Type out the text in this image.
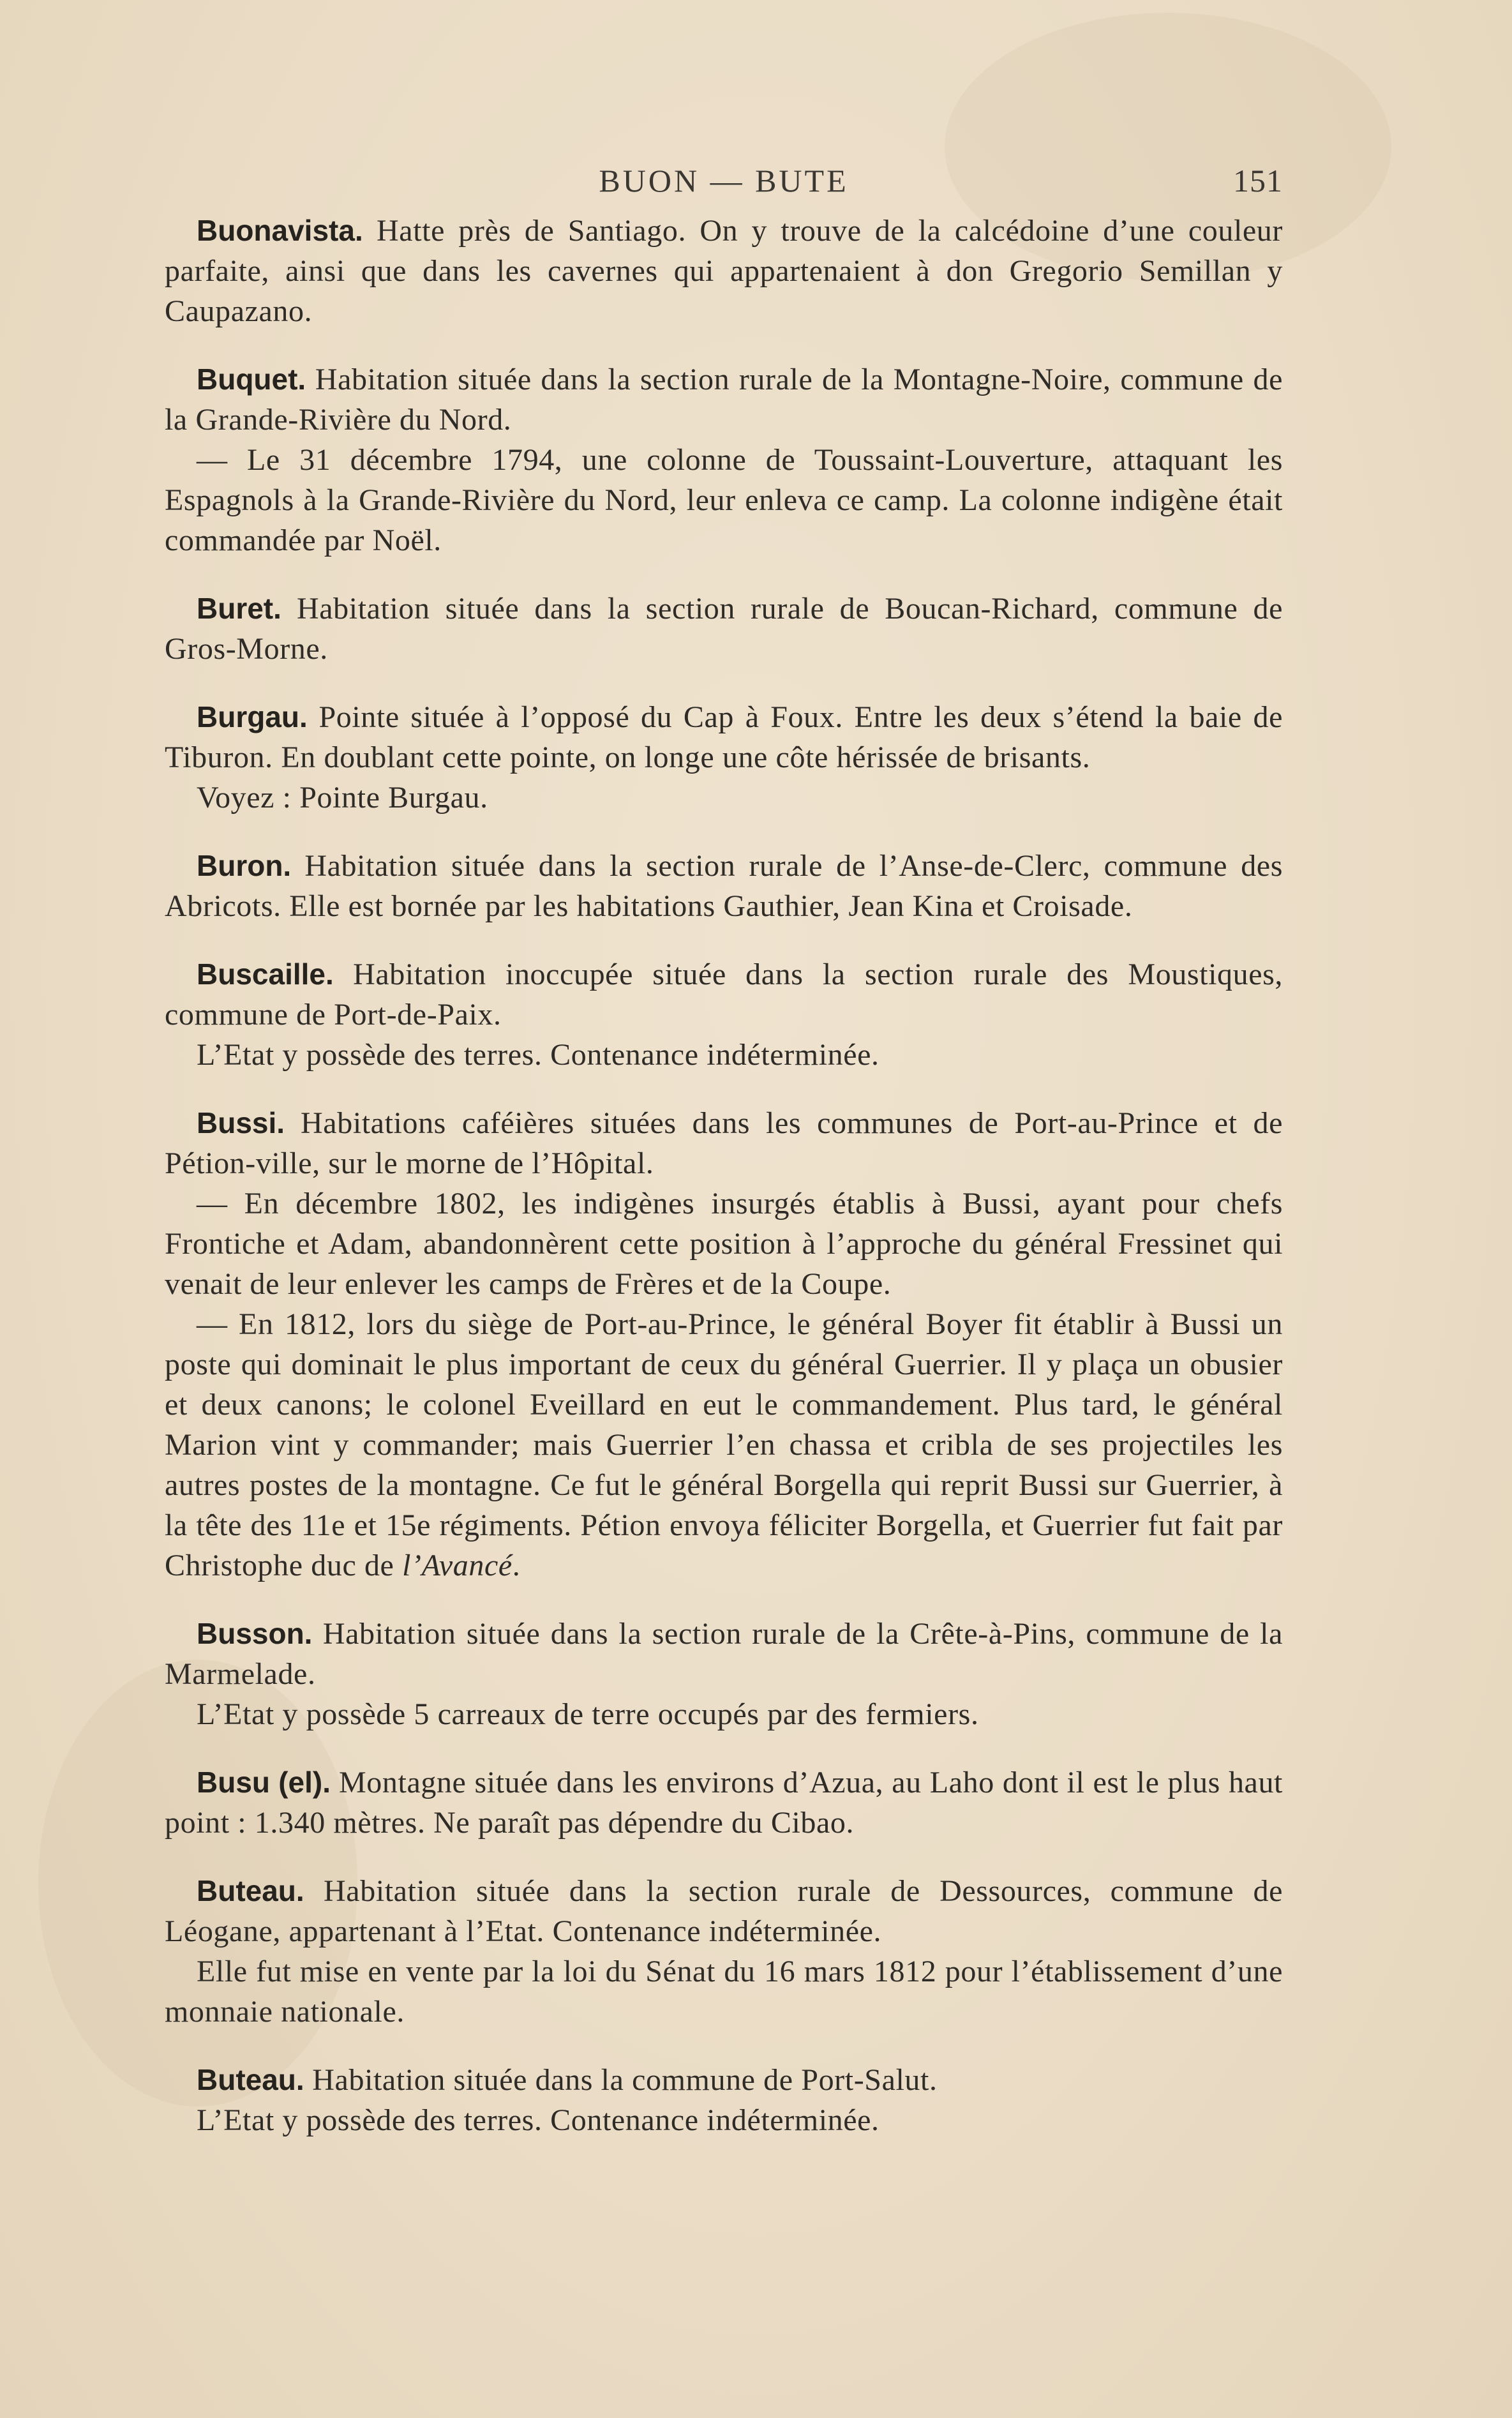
BUON — BUTE	151

Buonavista. Hatte près de Santiago. On y trouve de la calcédoine d’une couleur parfaite, ainsi que dans les cavernes qui appartenaient à don Gregorio Semillan y Caupazano.

Buquet. Habitation située dans la section rurale de la Montagne-Noire, commune de la Grande-Rivière du Nord.

— Le 31 décembre 1794, une colonne de Toussaint-Louverture, attaquant les Espagnols à la Grande-Rivière du Nord, leur enleva ce camp. La colonne indigène était commandée par Noël.

Buret. Habitation située dans la section rurale de Boucan-Richard, commune de Gros-Morne.

Burgau. Pointe située à l’opposé du Cap à Foux. Entre les deux s’étend la baie de Tiburon. En doublant cette pointe, on longe une côte hérissée de brisants.

Voyez : Pointe Burgau.

Buron. Habitation située dans la section rurale de l’Anse-de-Clerc, commune des Abricots. Elle est bornée par les habitations Gauthier, Jean Kina et Croisade.

Buscaille. Habitation inoccupée située dans la section rurale des Moustiques, commune de Port-de-Paix.

L’Etat y possède des terres. Contenance indéterminée.

Bussi. Habitations caféières situées dans les communes de Port-au-Prince et de Pétion-ville, sur le morne de l’Hôpital.

— En décembre 1802, les indigènes insurgés établis à Bussi, ayant pour chefs Frontiche et Adam, abandonnèrent cette position à l’approche du général Fressinet qui venait de leur enlever les camps de Frères et de la Coupe.

— En 1812, lors du siège de Port-au-Prince, le général Boyer fit établir à Bussi un poste qui dominait le plus important de ceux du général Guerrier. Il y plaça un obusier et deux canons; le colonel Eveillard en eut le commandement. Plus tard, le général Marion vint y commander; mais Guerrier l’en chassa et cribla de ses projectiles les autres postes de la montagne. Ce fut le général Borgella qui reprit Bussi sur Guerrier, à la tête des 11e et 15e régiments. Pétion envoya féliciter Borgella, et Guerrier fut fait par Christophe duc de l’Avancé.

Busson. Habitation située dans la section rurale de la Crête-à-Pins, commune de la Marmelade.

L’Etat y possède 5 carreaux de terre occupés par des fermiers.

Busu (el). Montagne située dans les environs d’Azua, au Laho dont il est le plus haut point : 1.340 mètres. Ne paraît pas dépendre du Cibao.

Buteau. Habitation située dans la section rurale de Dessources, commune de Léogane, appartenant à l’Etat. Contenance indéterminée.

Elle fut mise en vente par la loi du Sénat du 16 mars 1812 pour l’établissement d’une monnaie nationale.

Buteau. Habitation située dans la commune de Port-Salut.

L’Etat y possède des terres. Contenance indéterminée.
